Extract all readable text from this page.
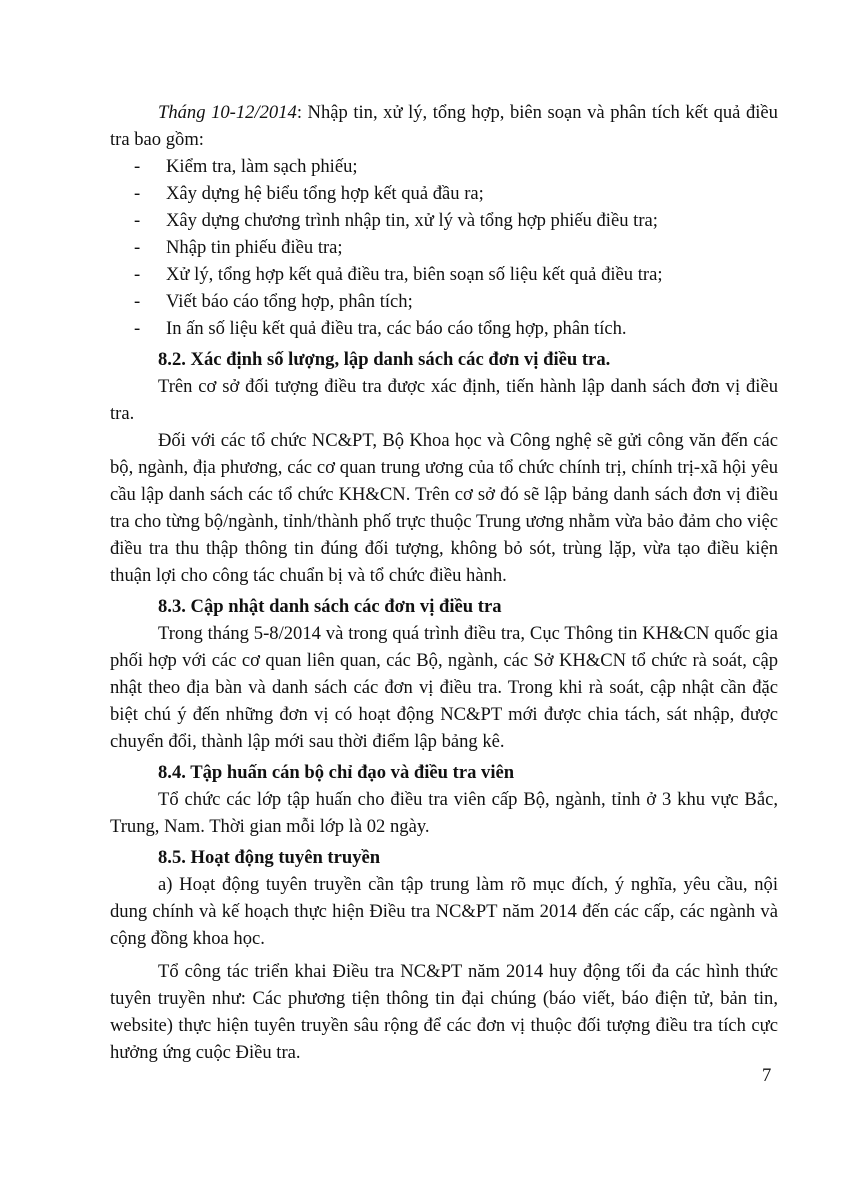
Tháng 10-12/2014: Nhập tin, xử lý, tổng hợp, biên soạn và phân tích kết quả điều tra bao gồm:

- Kiểm tra, làm sạch phiếu;
- Xây dựng hệ biểu tổng hợp kết quả đầu ra;
- Xây dựng chương trình nhập tin, xử lý và tổng hợp phiếu điều tra;
- Nhập tin phiếu điều tra;
- Xử lý, tổng hợp kết quả điều tra, biên soạn số liệu kết quả điều tra;
- Viết báo cáo tổng hợp, phân tích;
- In ấn số liệu kết quả điều tra, các báo cáo tổng hợp, phân tích.

8.2. Xác định số lượng, lập danh sách các đơn vị điều tra.

Trên cơ sở đối tượng điều tra được xác định, tiến hành lập danh sách đơn vị điều tra.

Đối với các tổ chức NC&PT, Bộ Khoa học và Công nghệ sẽ gửi công văn đến các bộ, ngành, địa phương, các cơ quan trung ương của tổ chức chính trị, chính trị-xã hội yêu cầu lập danh sách các tổ chức KH&CN. Trên cơ sở đó sẽ lập bảng danh sách đơn vị điều tra cho từng bộ/ngành, tỉnh/thành phố trực thuộc Trung ương nhằm vừa bảo đảm cho việc điều tra thu thập thông tin đúng đối tượng, không bỏ sót, trùng lặp, vừa tạo điều kiện thuận lợi cho công tác chuẩn bị và tổ chức điều hành.

8.3. Cập nhật danh sách các đơn vị điều tra

Trong tháng 5-8/2014 và trong quá trình điều tra, Cục Thông tin KH&CN quốc gia phối hợp với các cơ quan liên quan, các Bộ, ngành, các Sở KH&CN tổ chức rà soát, cập nhật theo địa bàn và danh sách các đơn vị điều tra. Trong khi rà soát, cập nhật cần đặc biệt chú ý đến những đơn vị có hoạt động NC&PT mới được chia tách, sát nhập, được chuyển đổi, thành lập mới sau thời điểm lập bảng kê.

8.4. Tập huấn cán bộ chỉ đạo và điều tra viên

Tổ chức các lớp tập huấn cho điều tra viên cấp Bộ, ngành, tỉnh ở 3 khu vực Bắc, Trung, Nam. Thời gian mỗi lớp là 02 ngày.

8.5. Hoạt động tuyên truyền

a) Hoạt động tuyên truyền cần tập trung làm rõ mục đích, ý nghĩa, yêu cầu, nội dung chính và kế hoạch thực hiện Điều tra NC&PT năm 2014 đến các cấp, các ngành và cộng đồng khoa học.

Tổ công tác triển khai Điều tra NC&PT năm 2014 huy động tối đa các hình thức tuyên truyền như: Các phương tiện thông tin đại chúng (báo viết, báo điện tử, bản tin, website) thực hiện tuyên truyền sâu rộng để các đơn vị thuộc đối tượng điều tra tích cực hưởng ứng cuộc Điều tra.

7
